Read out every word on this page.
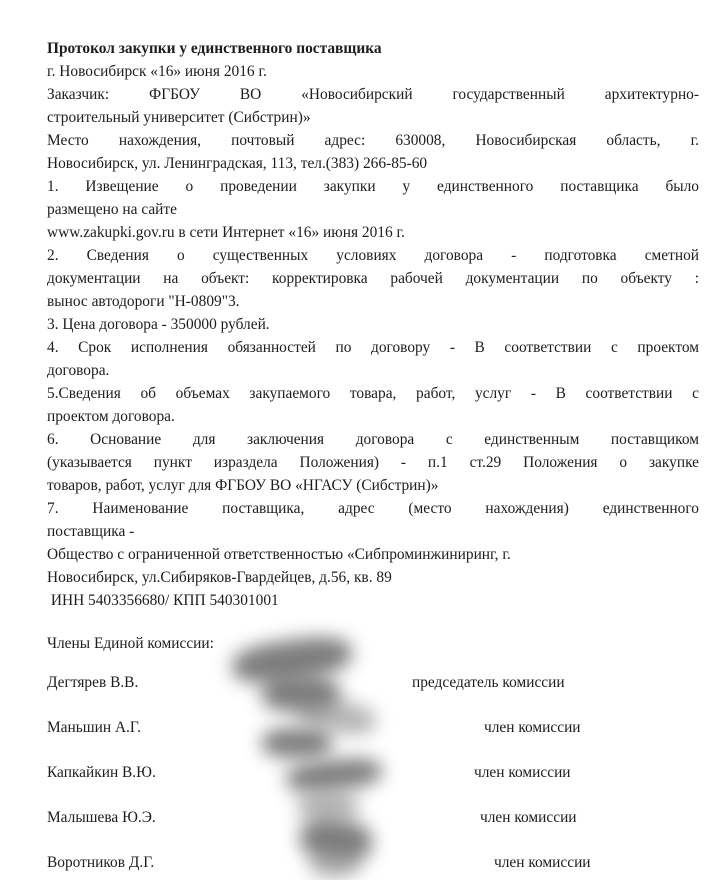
Протокол закупки у единственного поставщика
г. Новосибирск «16» июня 2016 г.
Заказчик: ФГБОУ ВО «Новосибирский государственный архитектурно-
строительный университет (Сибстрин)»
Место нахождения, почтовый адрес: 630008, Новосибирская область, г.
Новосибирск, ул. Ленинградская, 113, тел.(383) 266-85-60
1. Извещение о проведении закупки у единственного поставщика было
размещено на сайте
www.zakupki.gov.ru в сети Интернет «16» июня 2016 г.
2. Сведения о существенных условиях договора - подготовка сметной
документации на объект: корректировка рабочей документации по объекту :
вынос автодороги "Н-0809"3.
3. Цена договора - 350000 рублей.
4. Срок исполнения обязанностей по договору - В соответствии с проектом
договора.
5.Сведения об объемах закупаемого товара, работ, услуг - В соответствии с
проектом договора.
6. Основание для заключения договора с единственным поставщиком
(указывается пункт израздела Положения) - п.1 ст.29 Положения о закупке
товаров, работ, услуг для ФГБОУ ВО «НГАСУ (Сибстрин)»
7. Наименование поставщика, адрес (место нахождения) единственного
поставщика -
Общество с ограниченной ответственностью «Сибпроминжиниринг, г.
Новосибирск, ул.Сибиряков-Гвардейцев, д.56, кв. 89
ИНН 5403356680/ КПП 540301001
Члены Единой комиссии:
Дегтярев В.В.	председатель комиссии
Маньшин А.Г.	член комиссии
Капкайкин В.Ю.	член комиссии
Малышева Ю.Э.	член комиссии
Воротников Д.Г.	член комиссии
